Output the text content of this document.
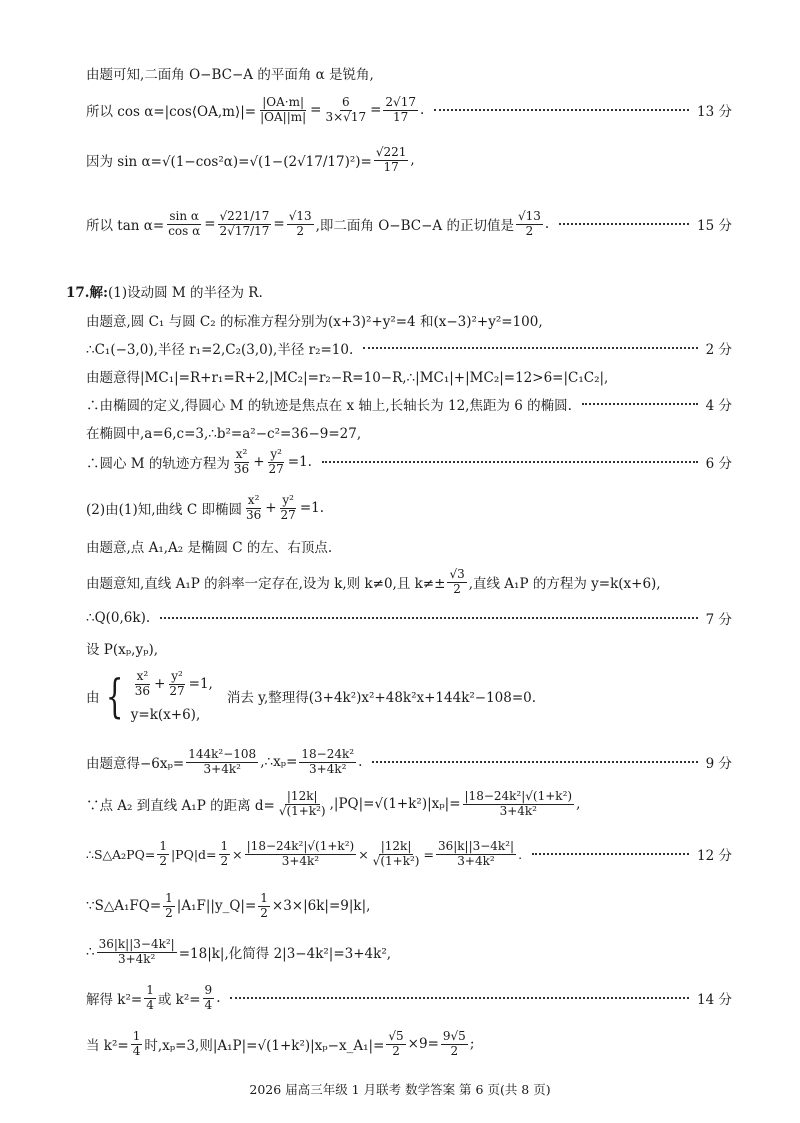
由题可知,二面角 O−BC−A 的平面角 α 是锐角,
所以 cos α=|cos⟨OA,m⟩|= $\frac{|OA\cdot m|}{|OA||m|} = \frac{6}{3\times√17} = \frac{2√17}{17}$ .	13 分
因为 $\sin \alpha=√(1-\cos^2\alpha)=√(1-(2√17/17)^2)= \frac{√221}{17}$ ,
所以 $\tan \alpha= \frac{\text{sin α}}{\text{cos α}} = \frac{√221/17}{2√17/17} = \frac{√13}{2}$ ,即二面角 O−BC−A 的正切值是 $\frac{√13}{2}$ .	15 分
17.解: (1)设动圆 M 的半径为 R.
由题意,圆 C₁ 与圆 C₂ 的标准方程分别为(x+3)²+y²=4 和(x−3)²+y²=100,
∴C₁(−3,0),半径 r₁=2,C₂(3,0),半径 r₂=10.	2 分
由题意得|MC₁|=R+r₁=R+2,|MC₂|=r₂−R=10−R,∴|MC₁|+|MC₂|=12>6=|C₁C₂|,
∴由椭圆的定义,得圆心 M 的轨迹是焦点在 x 轴上,长轴长为 12,焦距为 6 的椭圆.	4 分
在椭圆中,a=6,c=3,∴b²=a²−c²=36−9=27,
∴圆心 M 的轨迹方程为 $\frac{\text{x²}}{36} + \frac{\text{y²}}{27} =1$.	6 分
(2)由(1)知,曲线 C 即椭圆 $\frac{\text{x²}}{36} + \frac{\text{y²}}{27} =1$.
由题意,点 A₁,A₂ 是椭圆 C 的左、右顶点.
由题意知,直线 A₁P 的斜率一定存在,设为 k,则 k≠0,且 $k\ne\pm \frac{√3}{2}$ ,直线 A₁P 的方程为 y=k(x+6),
∴Q(0,6k).	7 分
设 P(xₚ,yₚ),
由 { $\frac{\text{x²}}{36} + \frac{\text{y²}}{27} =1$,
y=k(x+6),
消去 y,整理得(3+4k²)x²+48k²x+144k²−108=0.
由题意得$-6x_p= \frac{\text{144k²−108}}{\text{3+4k²}}$ ,∴xₚ= $\frac{\text{18−24k²}}{\text{3+4k²}}$ .	9 分
∵点 A₂ 到直线 A₁P 的距离 $d= \frac{|12k|}{\text{√(1+k²)}} ,|PQ|=√(1+k^2)|x_p|= \frac{\text{|18−24k²|√(1+k²)}}{\text{3+4k²}}$ ,
∴S△A₂PQ= $\frac{1}{2} |PQ|d= \frac{1}{2} \times \frac{\text{|18−24k²|√(1+k²)}}{\text{3+4k²}} \times \frac{|12k|}{\text{√(1+k²)}} = \frac{\text{36|k||3−4k²|}}{\text{3+4k²}}$ .	12 分
∵S△A₁FQ= $\frac{1}{2}$ |A₁F||y_Q|= $\frac{1}{2} \times 3\times|6k|=9|k|$,
∴ $\frac{\text{36|k||3−4k²|}}{\text{3+4k²}} =18|k|$,化简得 2|3−4k²|=3+4k²,
解得 $k^2= \frac{1}{4}$ 或 $k^2= \frac{9}{4}$ .	14 分
当 $k^2= \frac{1}{4}$ 时,xₚ=3,则|A₁P|=√(1+k²)|xₚ−x_A₁|= $\frac{√5}{2} \times 9= \frac{9√5}{2}$ ;
2026 届高三年级 1 月联考 数学答案 第 6 页(共 8 页)
